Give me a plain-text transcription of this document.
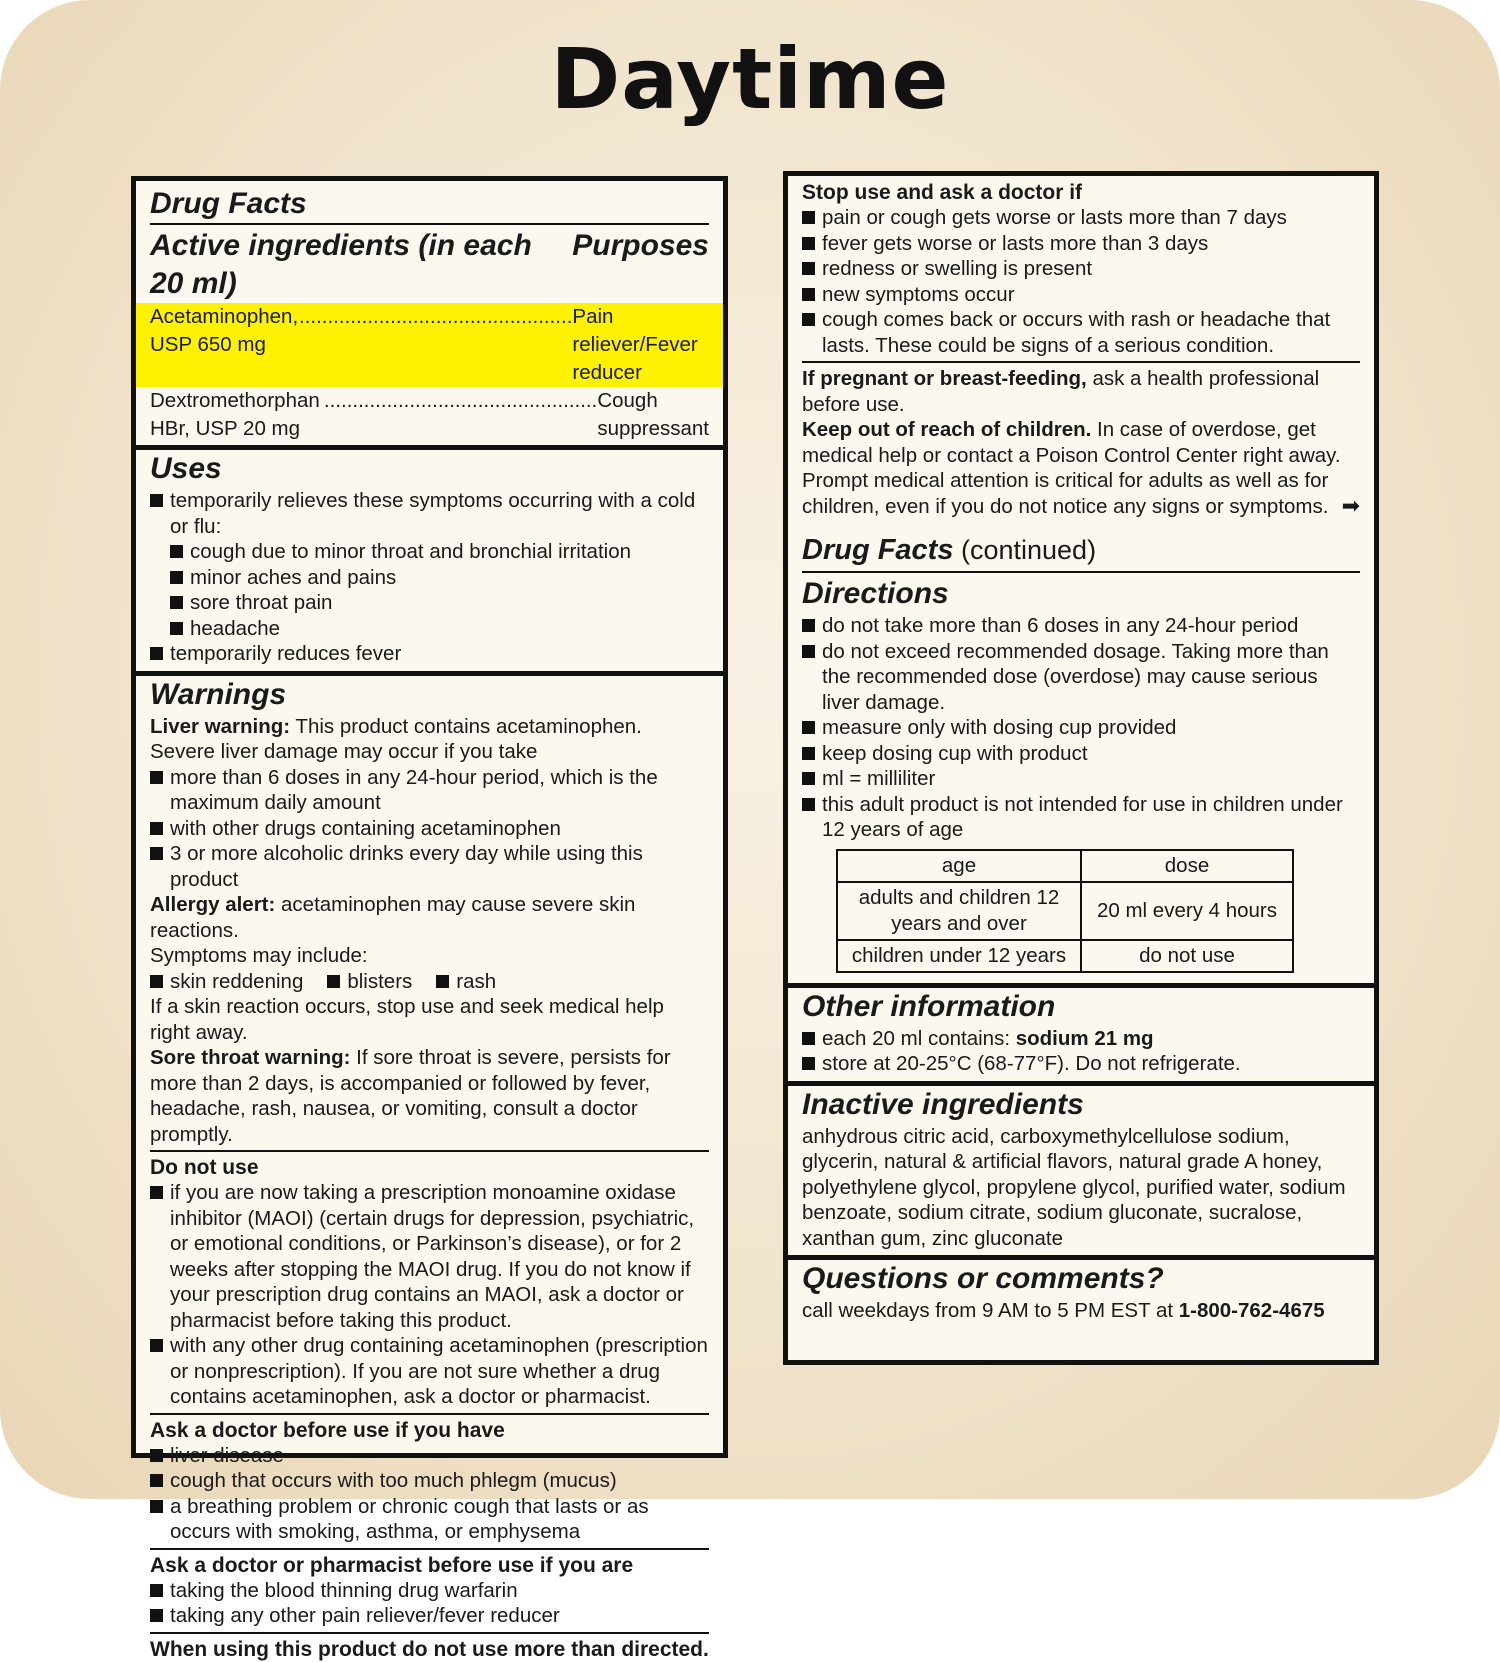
Daytime
Drug Facts
Active ingredients (in each 20 ml)
Purposes
Acetaminophen, USP 650 mg
................................................ Pain reliever/Fever reducer
Dextromethorphan HBr, USP 20 mg
................................................ Cough suppressant
Uses
temporarily relieves these symptoms occurring with a cold or flu:
cough due to minor throat and bronchial irritation
minor aches and pains
sore throat pain
headache
temporarily reduces fever
Warnings
Liver warning: This product contains acetaminophen.
Severe liver damage may occur if you take
more than 6 doses in any 24-hour period, which is the maximum daily amount
with other drugs containing acetaminophen
3 or more alcoholic drinks every day while using this product
Allergy alert: acetaminophen may cause severe skin reactions.
Symptoms may include:
skin reddening	blisters	rash
If a skin reaction occurs, stop use and seek medical help right away.
Sore throat warning: If sore throat is severe, persists for more than 2 days, is accompanied or followed by fever, headache, rash, nausea, or vomiting, consult a doctor promptly.
Do not use
if you are now taking a prescription monoamine oxidase inhibitor (MAOI) (certain drugs for depression, psychiatric, or emotional conditions, or Parkinson’s disease), or for 2 weeks after stopping the MAOI drug. If you do not know if your prescription drug contains an MAOI, ask a doctor or pharmacist before taking this product.
with any other drug containing acetaminophen (prescription or nonprescription). If you are not sure whether a drug contains acetaminophen, ask a doctor or pharmacist.
Ask a doctor before use if you have
liver disease
cough that occurs with too much phlegm (mucus)
a breathing problem or chronic cough that lasts or as occurs with smoking, asthma, or emphysema
Ask a doctor or pharmacist before use if you are
taking the blood thinning drug warfarin
taking any other pain reliever/fever reducer
When using this product do not use more than directed.
Stop use and ask a doctor if
pain or cough gets worse or lasts more than 7 days
fever gets worse or lasts more than 3 days
redness or swelling is present
new symptoms occur
cough comes back or occurs with rash or headache that lasts. These could be signs of a serious condition.
If pregnant or breast-feeding, ask a health professional before use.
Keep out of reach of children. In case of overdose, get medical help or contact a Poison Control Center right away. Prompt medical attention is critical for adults as well as for children, even if you do not notice any signs or symptoms. ➡
Drug Facts (continued)
Directions
do not take more than 6 doses in any 24-hour period
do not exceed recommended dosage. Taking more than the recommended dose (overdose) may cause serious liver damage.
measure only with dosing cup provided
keep dosing cup with product
ml = milliliter
this adult product is not intended for use in children under 12 years of age
age	dose
adults and children 12 years and over	20 ml every 4 hours
children under 12 years	do not use
Other information
each 20 ml contains: sodium 21 mg
store at 20-25°C (68-77°F). Do not refrigerate.
Inactive ingredients
anhydrous citric acid, carboxymethylcellulose sodium, glycerin, natural & artificial flavors, natural grade A honey, polyethylene glycol, propylene glycol, purified water, sodium benzoate, sodium citrate, sodium gluconate, sucralose, xanthan gum, zinc gluconate
Questions or comments?
call weekdays from 9 AM to 5 PM EST at 1-800-762-4675
